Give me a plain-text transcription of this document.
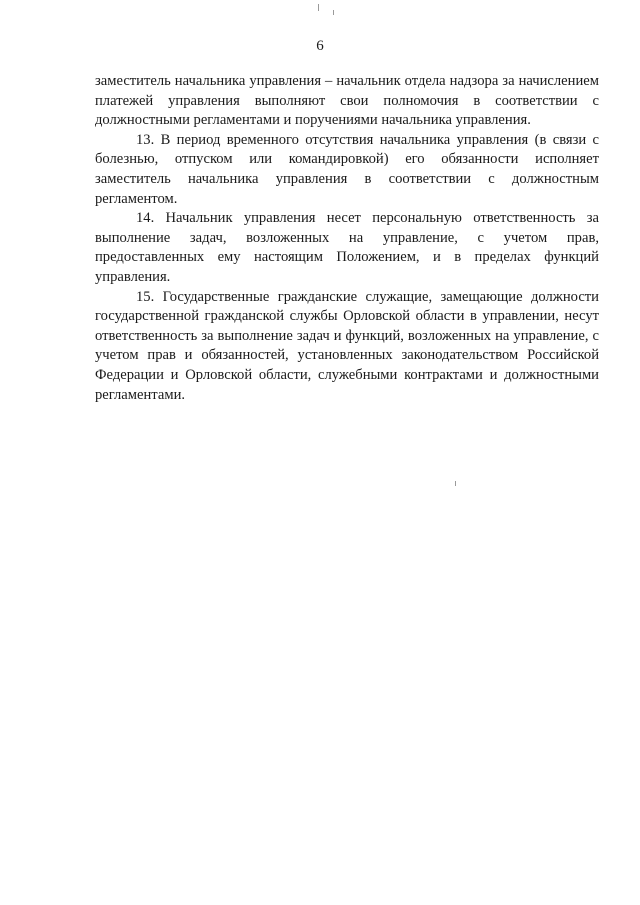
6

заместитель начальника управления – начальник отдела надзора за начислением платежей управления выполняют свои полномочия в соответствии с должностными регламентами и поручениями начальника управления.

13. В период временного отсутствия начальника управления (в связи с болезнью, отпуском или командировкой) его обязанности исполняет заместитель начальника управления в соответствии с должностным регламентом.

14. Начальник управления несет персональную ответственность за выполнение задач, возложенных на управление, с учетом прав, предоставленных ему настоящим Положением, и в пределах функций управления.

15. Государственные гражданские служащие, замещающие должности государственной гражданской службы Орловской области в управлении, несут ответственность за выполнение задач и функций, возложенных на управление, с учетом прав и обязанностей, установленных законодательством Российской Федерации и Орловской области, служебными контрактами и должностными регламентами.
